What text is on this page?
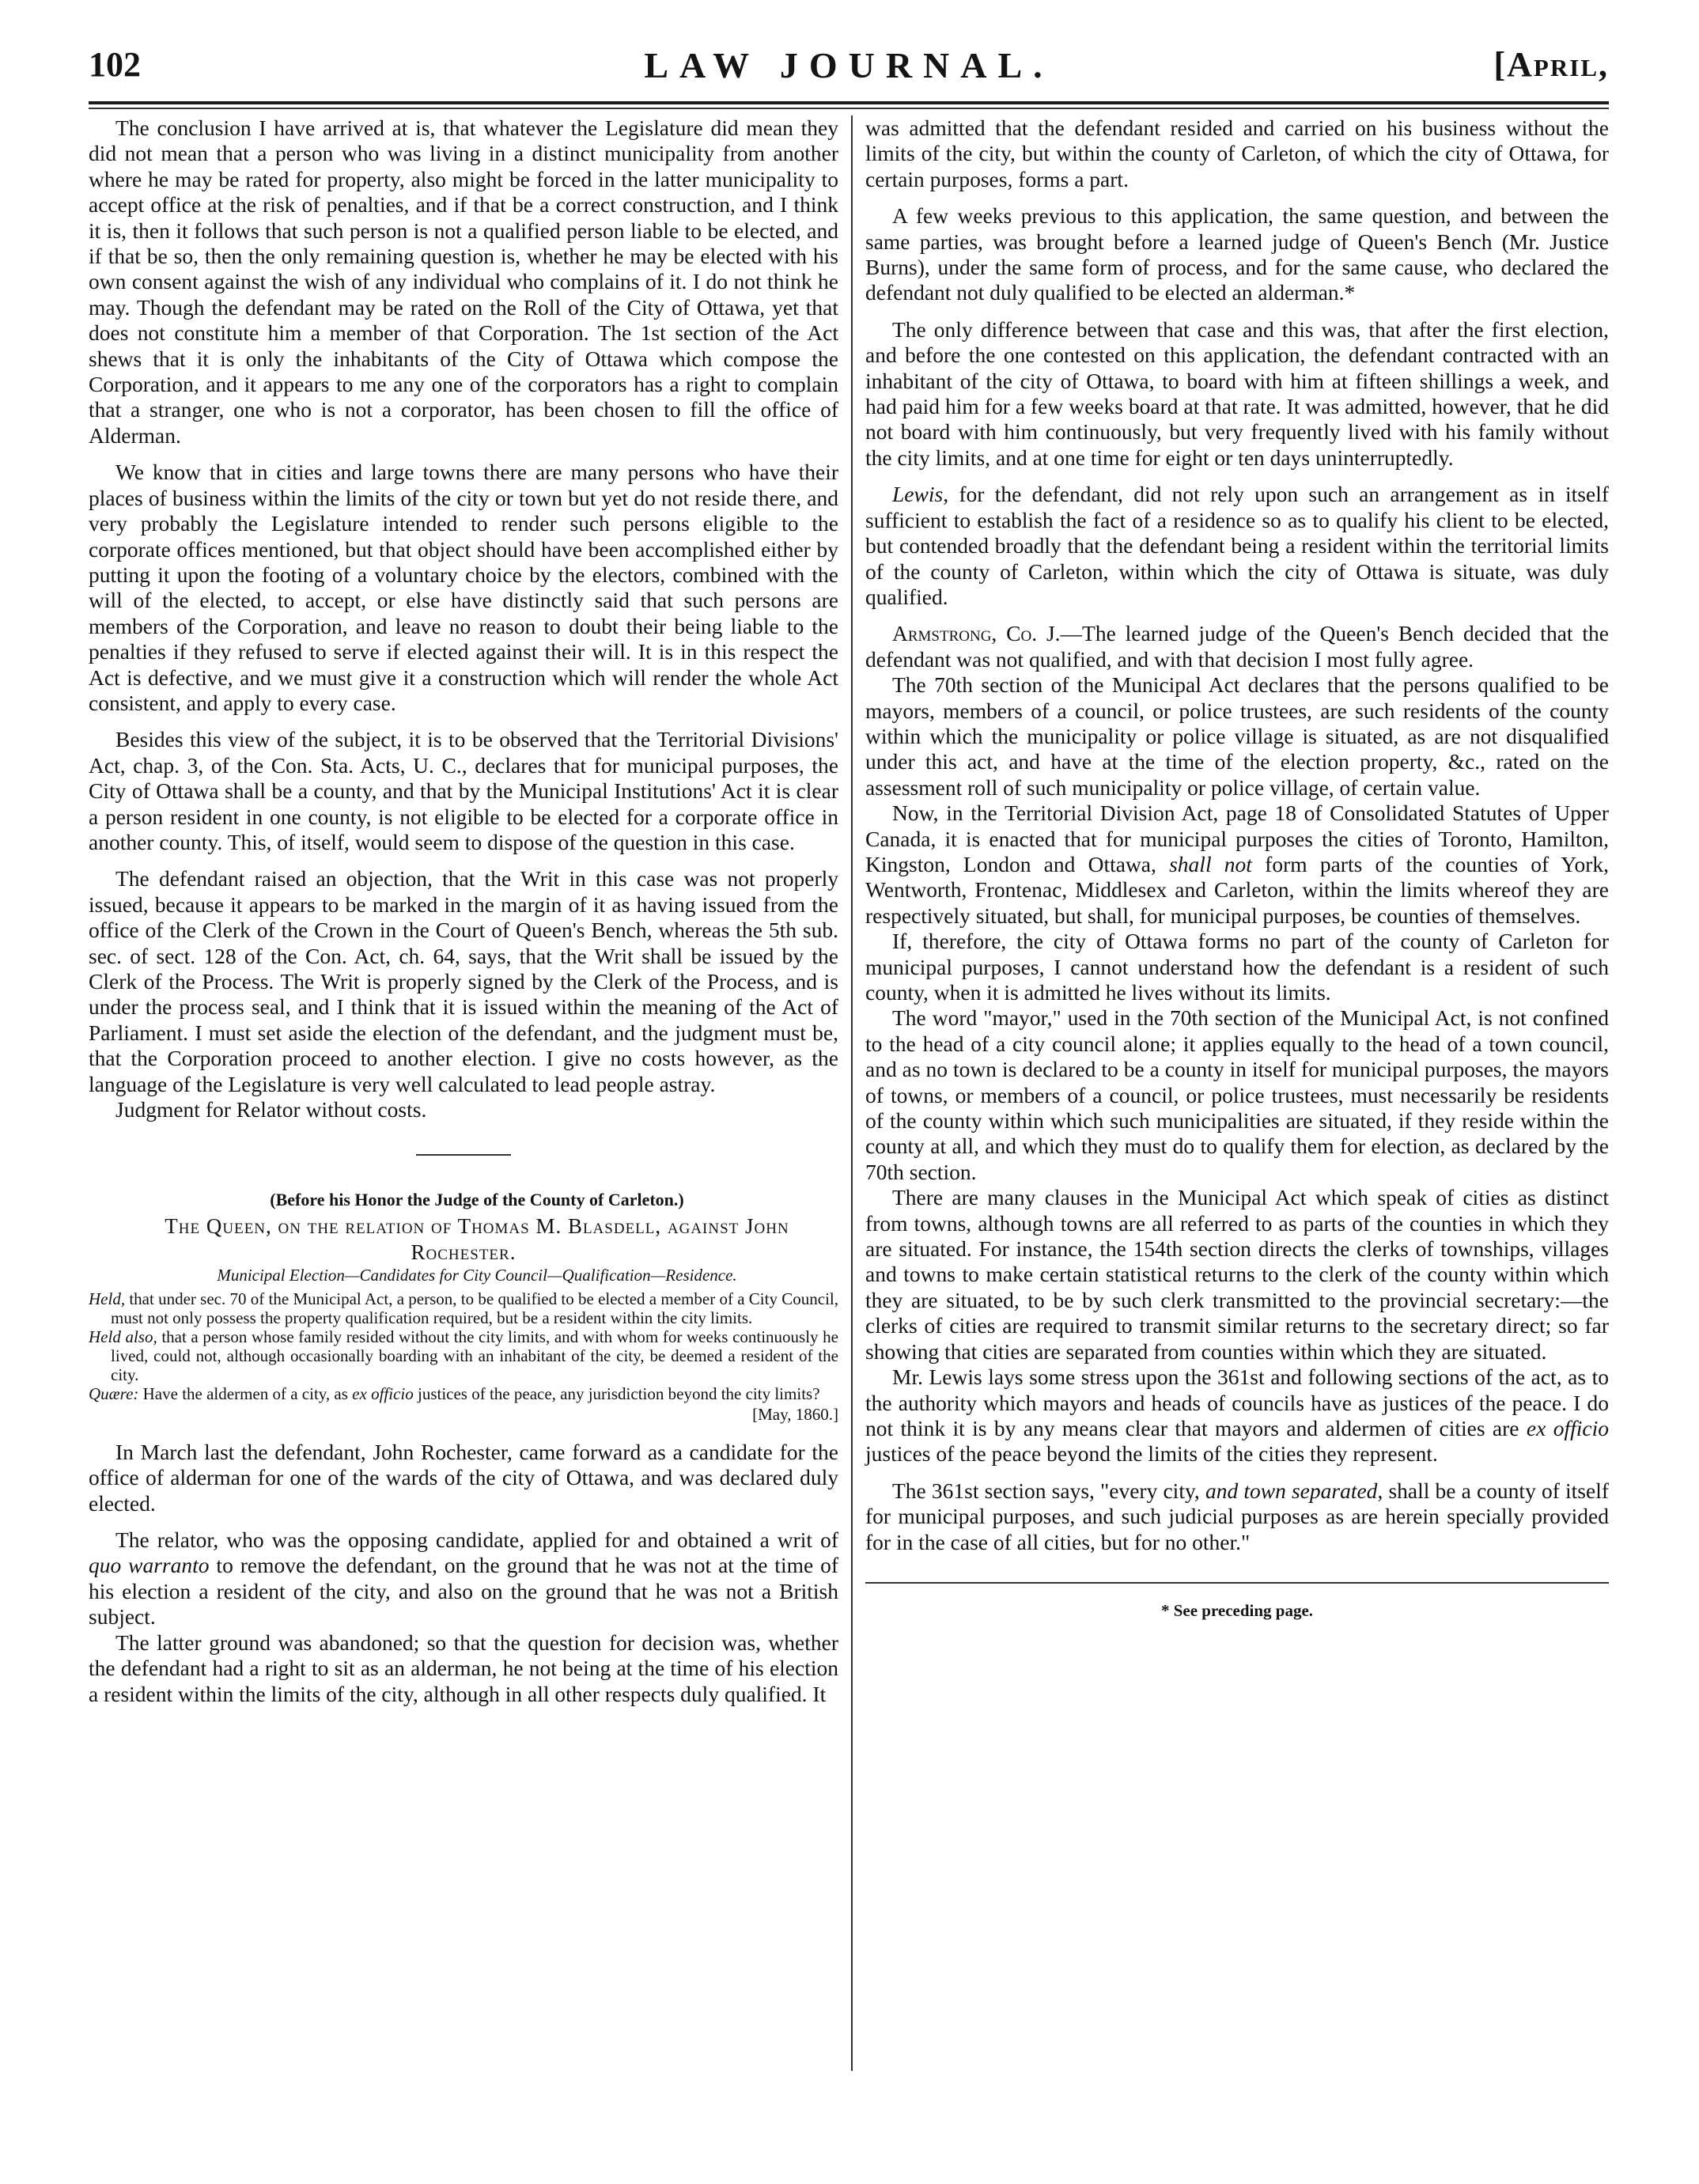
102	LAW JOURNAL.	[April,

The conclusion I have arrived at is, that whatever the Legislature did mean they did not mean that a person who was living in a distinct municipality from another where he may be rated for property, also might be forced in the latter municipality to accept office at the risk of penalties, and if that be a correct construction, and I think it is, then it follows that such person is not a qualified person liable to be elected, and if that be so, then the only remaining question is, whether he may be elected with his own consent against the wish of any individual who complains of it. I do not think he may. Though the defendant may be rated on the Roll of the City of Ottawa, yet that does not constitute him a member of that Corporation. The 1st section of the Act shews that it is only the inhabitants of the City of Ottawa which compose the Corporation, and it appears to me any one of the corporators has a right to complain that a stranger, one who is not a corporator, has been chosen to fill the office of Alderman.

We know that in cities and large towns there are many persons who have their places of business within the limits of the city or town but yet do not reside there, and very probably the Legislature intended to render such persons eligible to the corporate offices mentioned, but that object should have been accomplished either by putting it upon the footing of a voluntary choice by the electors, combined with the will of the elected, to accept, or else have distinctly said that such persons are members of the Corporation, and leave no reason to doubt their being liable to the penalties if they refused to serve if elected against their will. It is in this respect the Act is defective, and we must give it a construction which will render the whole Act consistent, and apply to every case.

Besides this view of the subject, it is to be observed that the Territorial Divisions' Act, chap. 3, of the Con. Sta. Acts, U. C., declares that for municipal purposes, the City of Ottawa shall be a county, and that by the Municipal Institutions' Act it is clear a person resident in one county, is not eligible to be elected for a corporate office in another county. This, of itself, would seem to dispose of the question in this case.

The defendant raised an objection, that the Writ in this case was not properly issued, because it appears to be marked in the margin of it as having issued from the office of the Clerk of the Crown in the Court of Queen's Bench, whereas the 5th sub. sec. of sect. 128 of the Con. Act, ch. 64, says, that the Writ shall be issued by the Clerk of the Process. The Writ is properly signed by the Clerk of the Process, and is under the process seal, and I think that it is issued within the meaning of the Act of Parliament. I must set aside the election of the defendant, and the judgment must be, that the Corporation proceed to another election. I give no costs however, as the language of the Legislature is very well calculated to lead people astray.

Judgment for Relator without costs.

(Before his Honor the Judge of the County of Carleton.)

The Queen, on the relation of Thomas M. Blasdell, against John Rochester.

Municipal Election—Candidates for City Council—Qualification—Residence.

Held, that under sec. 70 of the Municipal Act, a person, to be qualified to be elected a member of a City Council, must not only possess the property qualification required, but be a resident within the city limits.

Held also, that a person whose family resided without the city limits, and with whom for weeks continuously he lived, could not, although occasionally boarding with an inhabitant of the city, be deemed a resident of the city.

Quære: Have the aldermen of a city, as ex officio justices of the peace, any jurisdiction beyond the city limits?

[May, 1860.]

In March last the defendant, John Rochester, came forward as a candidate for the office of alderman for one of the wards of the city of Ottawa, and was declared duly elected.

The relator, who was the opposing candidate, applied for and obtained a writ of quo warranto to remove the defendant, on the ground that he was not at the time of his election a resident of the city, and also on the ground that he was not a British subject.

The latter ground was abandoned; so that the question for decision was, whether the defendant had a right to sit as an alderman, he not being at the time of his election a resident within the limits of the city, although in all other respects duly qualified. It

was admitted that the defendant resided and carried on his business without the limits of the city, but within the county of Carleton, of which the city of Ottawa, for certain purposes, forms a part.

A few weeks previous to this application, the same question, and between the same parties, was brought before a learned judge of Queen's Bench (Mr. Justice Burns), under the same form of process, and for the same cause, who declared the defendant not duly qualified to be elected an alderman.*

The only difference between that case and this was, that after the first election, and before the one contested on this application, the defendant contracted with an inhabitant of the city of Ottawa, to board with him at fifteen shillings a week, and had paid him for a few weeks board at that rate. It was admitted, however, that he did not board with him continuously, but very frequently lived with his family without the city limits, and at one time for eight or ten days uninterruptedly.

Lewis, for the defendant, did not rely upon such an arrangement as in itself sufficient to establish the fact of a residence so as to qualify his client to be elected, but contended broadly that the defendant being a resident within the territorial limits of the county of Carleton, within which the city of Ottawa is situate, was duly qualified.

Armstrong, Co. J.—The learned judge of the Queen's Bench decided that the defendant was not qualified, and with that decision I most fully agree.

The 70th section of the Municipal Act declares that the persons qualified to be mayors, members of a council, or police trustees, are such residents of the county within which the municipality or police village is situated, as are not disqualified under this act, and have at the time of the election property, &c., rated on the assessment roll of such municipality or police village, of certain value.

Now, in the Territorial Division Act, page 18 of Consolidated Statutes of Upper Canada, it is enacted that for municipal purposes the cities of Toronto, Hamilton, Kingston, London and Ottawa, shall not form parts of the counties of York, Wentworth, Frontenac, Middlesex and Carleton, within the limits whereof they are respectively situated, but shall, for municipal purposes, be counties of themselves.

If, therefore, the city of Ottawa forms no part of the county of Carleton for municipal purposes, I cannot understand how the defendant is a resident of such county, when it is admitted he lives without its limits.

The word "mayor," used in the 70th section of the Municipal Act, is not confined to the head of a city council alone; it applies equally to the head of a town council, and as no town is declared to be a county in itself for municipal purposes, the mayors of towns, or members of a council, or police trustees, must necessarily be residents of the county within which such municipalities are situated, if they reside within the county at all, and which they must do to qualify them for election, as declared by the 70th section.

There are many clauses in the Municipal Act which speak of cities as distinct from towns, although towns are all referred to as parts of the counties in which they are situated. For instance, the 154th section directs the clerks of townships, villages and towns to make certain statistical returns to the clerk of the county within which they are situated, to be by such clerk transmitted to the provincial secretary:—the clerks of cities are required to transmit similar returns to the secretary direct; so far showing that cities are separated from counties within which they are situated.

Mr. Lewis lays some stress upon the 361st and following sections of the act, as to the authority which mayors and heads of councils have as justices of the peace. I do not think it is by any means clear that mayors and aldermen of cities are ex officio justices of the peace beyond the limits of the cities they represent.

The 361st section says, "every city, and town separated, shall be a county of itself for municipal purposes, and such judicial purposes as are herein specially provided for in the case of all cities, but for no other."

* See preceding page.
